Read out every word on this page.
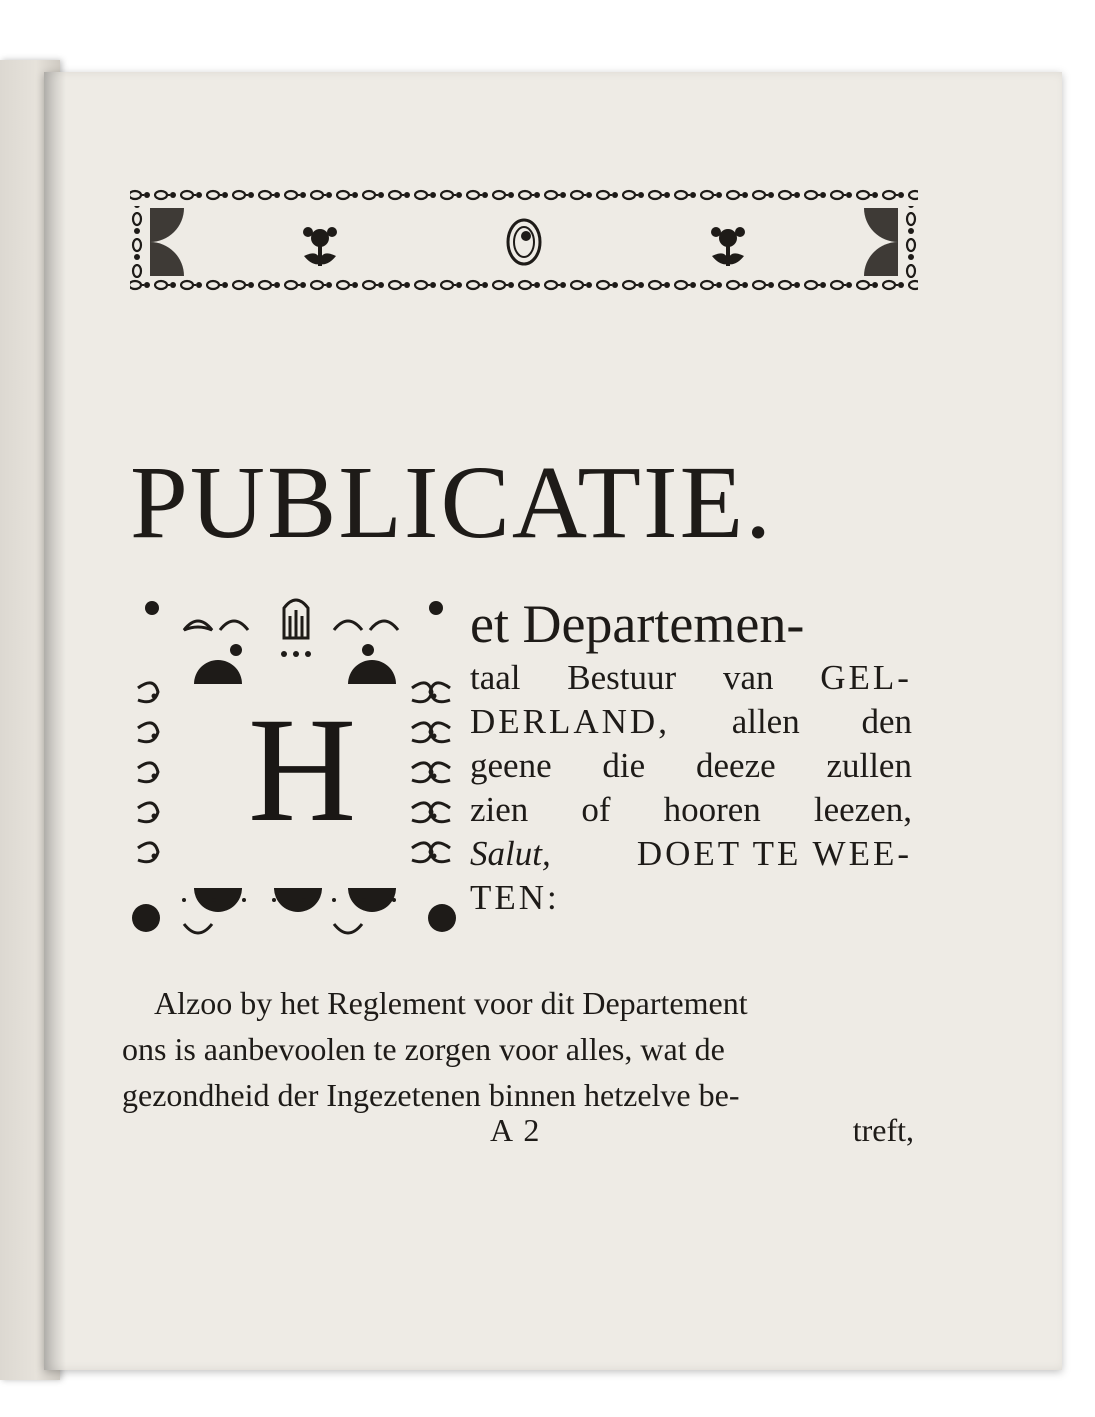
PUBLICATIE.
H
et Departemen-
taal Bestuur van GEL-
DERLAND, allen den
geene die deeze zullen
zien of hooren leezen,
Salut, DOET TE WEE-
TEN:
Alzoo by het Reglement voor dit Departement
ons is aanbevoolen te zorgen voor alles, wat de
gezondheid der Ingezetenen binnen hetzelve be-
A 2	treft,
